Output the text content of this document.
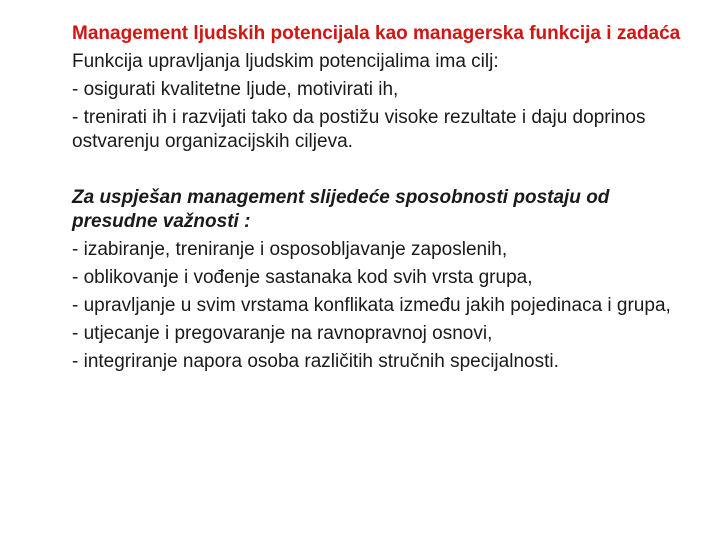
Management ljudskih potencijala kao managerska funkcija i zadaća
Funkcija upravljanja ljudskim potencijalima ima cilj:
- osigurati kvalitetne ljude, motivirati ih,
- trenirati ih i razvijati tako da postižu visoke rezultate i daju doprinos ostvarenju organizacijskih ciljeva.
Za uspješan management slijedeće sposobnosti postaju od presudne važnosti :
- izabiranje, treniranje i osposobljavanje zaposlenih,
- oblikovanje i vođenje sastanaka kod svih vrsta grupa,
- upravljanje u svim vrstama konflikata između jakih pojedinaca i grupa,
- utjecanje i pregovaranje na ravnopravnoj osnovi,
- integriranje napora osoba različitih stručnih specijalnosti.
